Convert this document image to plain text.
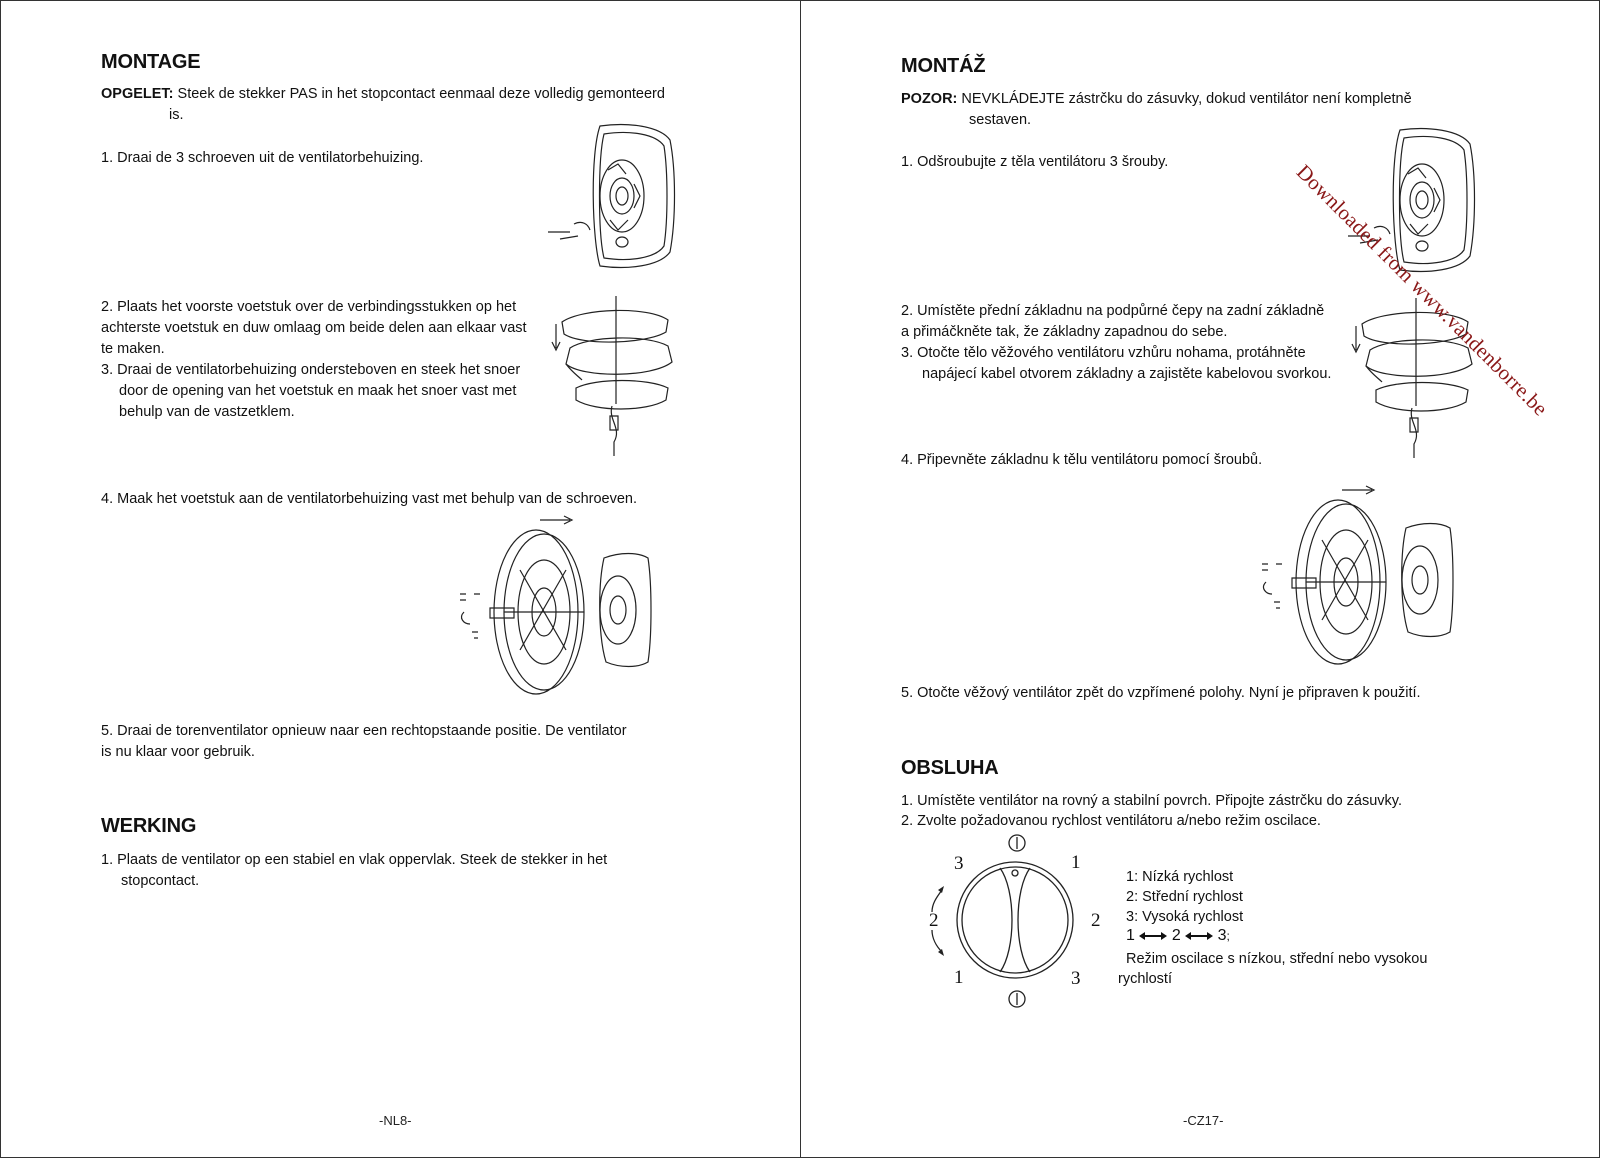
MONTAGE
OPGELET: Steek de stekker PAS in het stopcontact eenmaal deze volledig gemonteerd
is.
1. Draai de 3 schroeven uit de ventilatorbehuizing.
2. Plaats het voorste voetstuk over de verbindingsstukken op het
achterste voetstuk en duw omlaag om beide delen aan elkaar vast
te maken.
3. Draai de ventilatorbehuizing ondersteboven en steek het snoer
door de opening van het voetstuk en maak het snoer vast met
behulp van de vastzetklem.
4. Maak het voetstuk aan de ventilatorbehuizing vast met behulp van de schroeven.
5. Draai de torenventilator opnieuw naar een rechtopstaande positie. De ventilator
is nu klaar voor gebruik.
WERKING
1. Plaats de ventilator op een stabiel en vlak oppervlak. Steek de stekker in het
stopcontact.
-NL8-
MONTÁŽ
POZOR: NEVKLÁDEJTE zástrčku do zásuvky, dokud ventilátor není kompletně
sestaven.
1. Odšroubujte z těla ventilátoru 3 šrouby.
2. Umístěte přední základnu na podpůrné čepy na zadní základně
a přimáčkněte tak, že základny zapadnou do sebe.
3. Otočte tělo věžového ventilátoru vzhůru nohama, protáhněte
napájecí kabel otvorem základny a zajistěte kabelovou svorkou.
4. Připevněte základnu k tělu ventilátoru pomocí šroubů.
5. Otočte věžový ventilátor zpět do vzpřímené polohy. Nyní je připraven k použití.
OBSLUHA
1. Umístěte ventilátor na rovný a stabilní povrch. Připojte zástrčku do zásuvky.
2. Zvolte požadovanou rychlost ventilátoru a/nebo režim oscilace.
1: Nízká rychlost
2: Střední rychlost
3: Vysoká rychlost
1 2 3;
Režim oscilace s nízkou, střední nebo vysokou
rychlostí
-CZ17-
3
2
1
1
2
3
Downloaded from www.vandenborre.be
